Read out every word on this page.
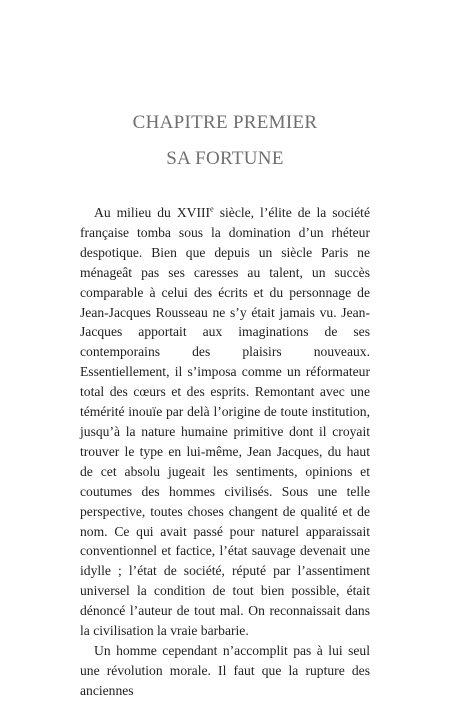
CHAPITRE PREMIER
SA FORTUNE

Au milieu du XVIIIe siècle, l’élite de la société française tomba sous la domination d’un rhéteur despotique. Bien que depuis un siècle Paris ne ménageât pas ses caresses au talent, un succès comparable à celui des écrits et du personnage de Jean-Jacques Rousseau ne s’y était jamais vu. Jean-Jacques apportait aux imaginations de ses contemporains des plaisirs nouveaux. Essentiellement, il s’imposa comme un réformateur total des cœurs et des esprits. Remontant avec une témérité inouïe par delà l’origine de toute institution, jusqu’à la nature humaine primitive dont il croyait trouver le type en lui-même, Jean Jacques, du haut de cet absolu jugeait les sentiments, opinions et coutumes des hommes civilisés. Sous une telle perspective, toutes choses changent de qualité et de nom. Ce qui avait passé pour naturel apparaissait conventionnel et factice, l’état sauvage devenait une idylle ; l’état de société, réputé par l’assentiment universel la condition de tout bien possible, était dénoncé l’auteur de tout mal. On reconnaissait dans la civilisation la vraie barbarie.

Un homme cependant n’accomplit pas à lui seul une révolution morale. Il faut que la rupture des anciennes
